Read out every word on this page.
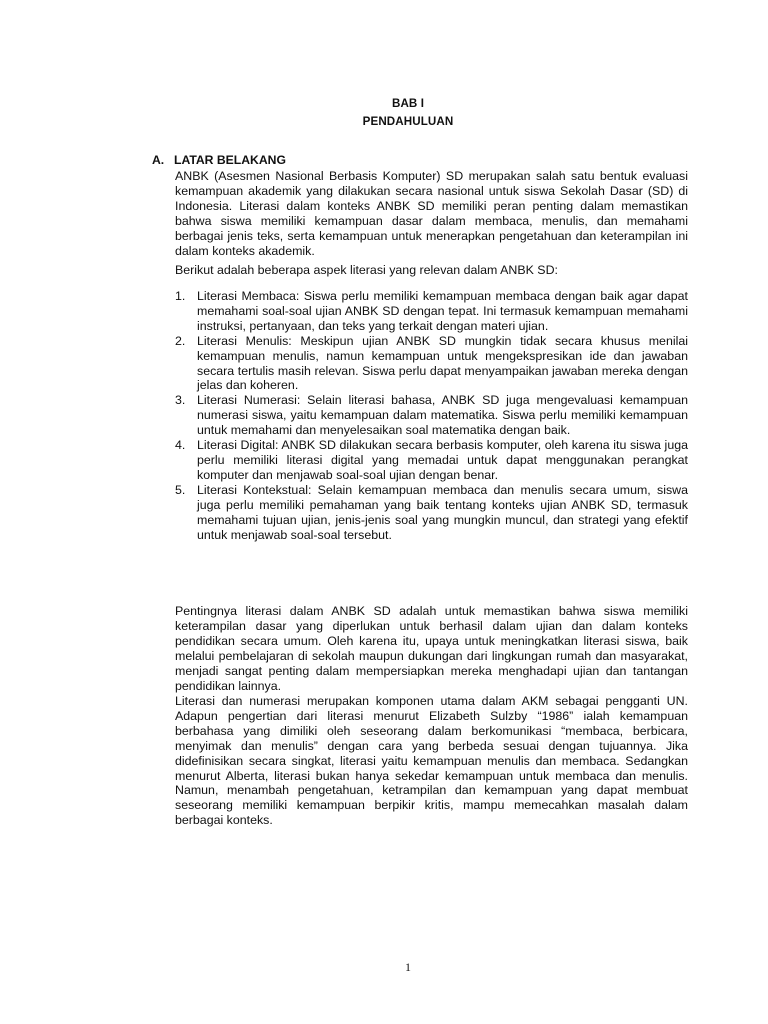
BAB I
PENDAHULUAN
A. LATAR BELAKANG

ANBK (Asesmen Nasional Berbasis Komputer) SD merupakan salah satu bentuk evaluasi kemampuan akademik yang dilakukan secara nasional untuk siswa Sekolah Dasar (SD) di Indonesia. Literasi dalam konteks ANBK SD memiliki peran penting dalam memastikan bahwa siswa memiliki kemampuan dasar dalam membaca, menulis, dan memahami berbagai jenis teks, serta kemampuan untuk menerapkan pengetahuan dan keterampilan ini dalam konteks akademik.

Berikut adalah beberapa aspek literasi yang relevan dalam ANBK SD:

1. Literasi Membaca: Siswa perlu memiliki kemampuan membaca dengan baik agar dapat memahami soal-soal ujian ANBK SD dengan tepat. Ini termasuk kemampuan memahami instruksi, pertanyaan, dan teks yang terkait dengan materi ujian.
2. Literasi Menulis: Meskipun ujian ANBK SD mungkin tidak secara khusus menilai kemampuan menulis, namun kemampuan untuk mengekspresikan ide dan jawaban secara tertulis masih relevan. Siswa perlu dapat menyampaikan jawaban mereka dengan jelas dan koheren.
3. Literasi Numerasi: Selain literasi bahasa, ANBK SD juga mengevaluasi kemampuan numerasi siswa, yaitu kemampuan dalam matematika. Siswa perlu memiliki kemampuan untuk memahami dan menyelesaikan soal matematika dengan baik.
4. Literasi Digital: ANBK SD dilakukan secara berbasis komputer, oleh karena itu siswa juga perlu memiliki literasi digital yang memadai untuk dapat menggunakan perangkat komputer dan menjawab soal-soal ujian dengan benar.
5. Literasi Kontekstual: Selain kemampuan membaca dan menulis secara umum, siswa juga perlu memiliki pemahaman yang baik tentang konteks ujian ANBK SD, termasuk memahami tujuan ujian, jenis-jenis soal yang mungkin muncul, dan strategi yang efektif untuk menjawab soal-soal tersebut.

Pentingnya literasi dalam ANBK SD adalah untuk memastikan bahwa siswa memiliki keterampilan dasar yang diperlukan untuk berhasil dalam ujian dan dalam konteks pendidikan secara umum. Oleh karena itu, upaya untuk meningkatkan literasi siswa, baik melalui pembelajaran di sekolah maupun dukungan dari lingkungan rumah dan masyarakat, menjadi sangat penting dalam mempersiapkan mereka menghadapi ujian dan tantangan pendidikan lainnya.

Literasi dan numerasi merupakan komponen utama dalam AKM sebagai pengganti UN. Adapun pengertian dari literasi menurut Elizabeth Sulzby “1986” ialah kemampuan berbahasa yang dimiliki oleh seseorang dalam berkomunikasi “membaca, berbicara, menyimak dan menulis” dengan cara yang berbeda sesuai dengan tujuannya. Jika didefinisikan secara singkat, literasi yaitu kemampuan menulis dan membaca. Sedangkan menurut Alberta, literasi bukan hanya sekedar kemampuan untuk membaca dan menulis. Namun, menambah pengetahuan, ketrampilan dan kemampuan yang dapat membuat seseorang memiliki kemampuan berpikir kritis, mampu memecahkan masalah dalam berbagai konteks.

1
